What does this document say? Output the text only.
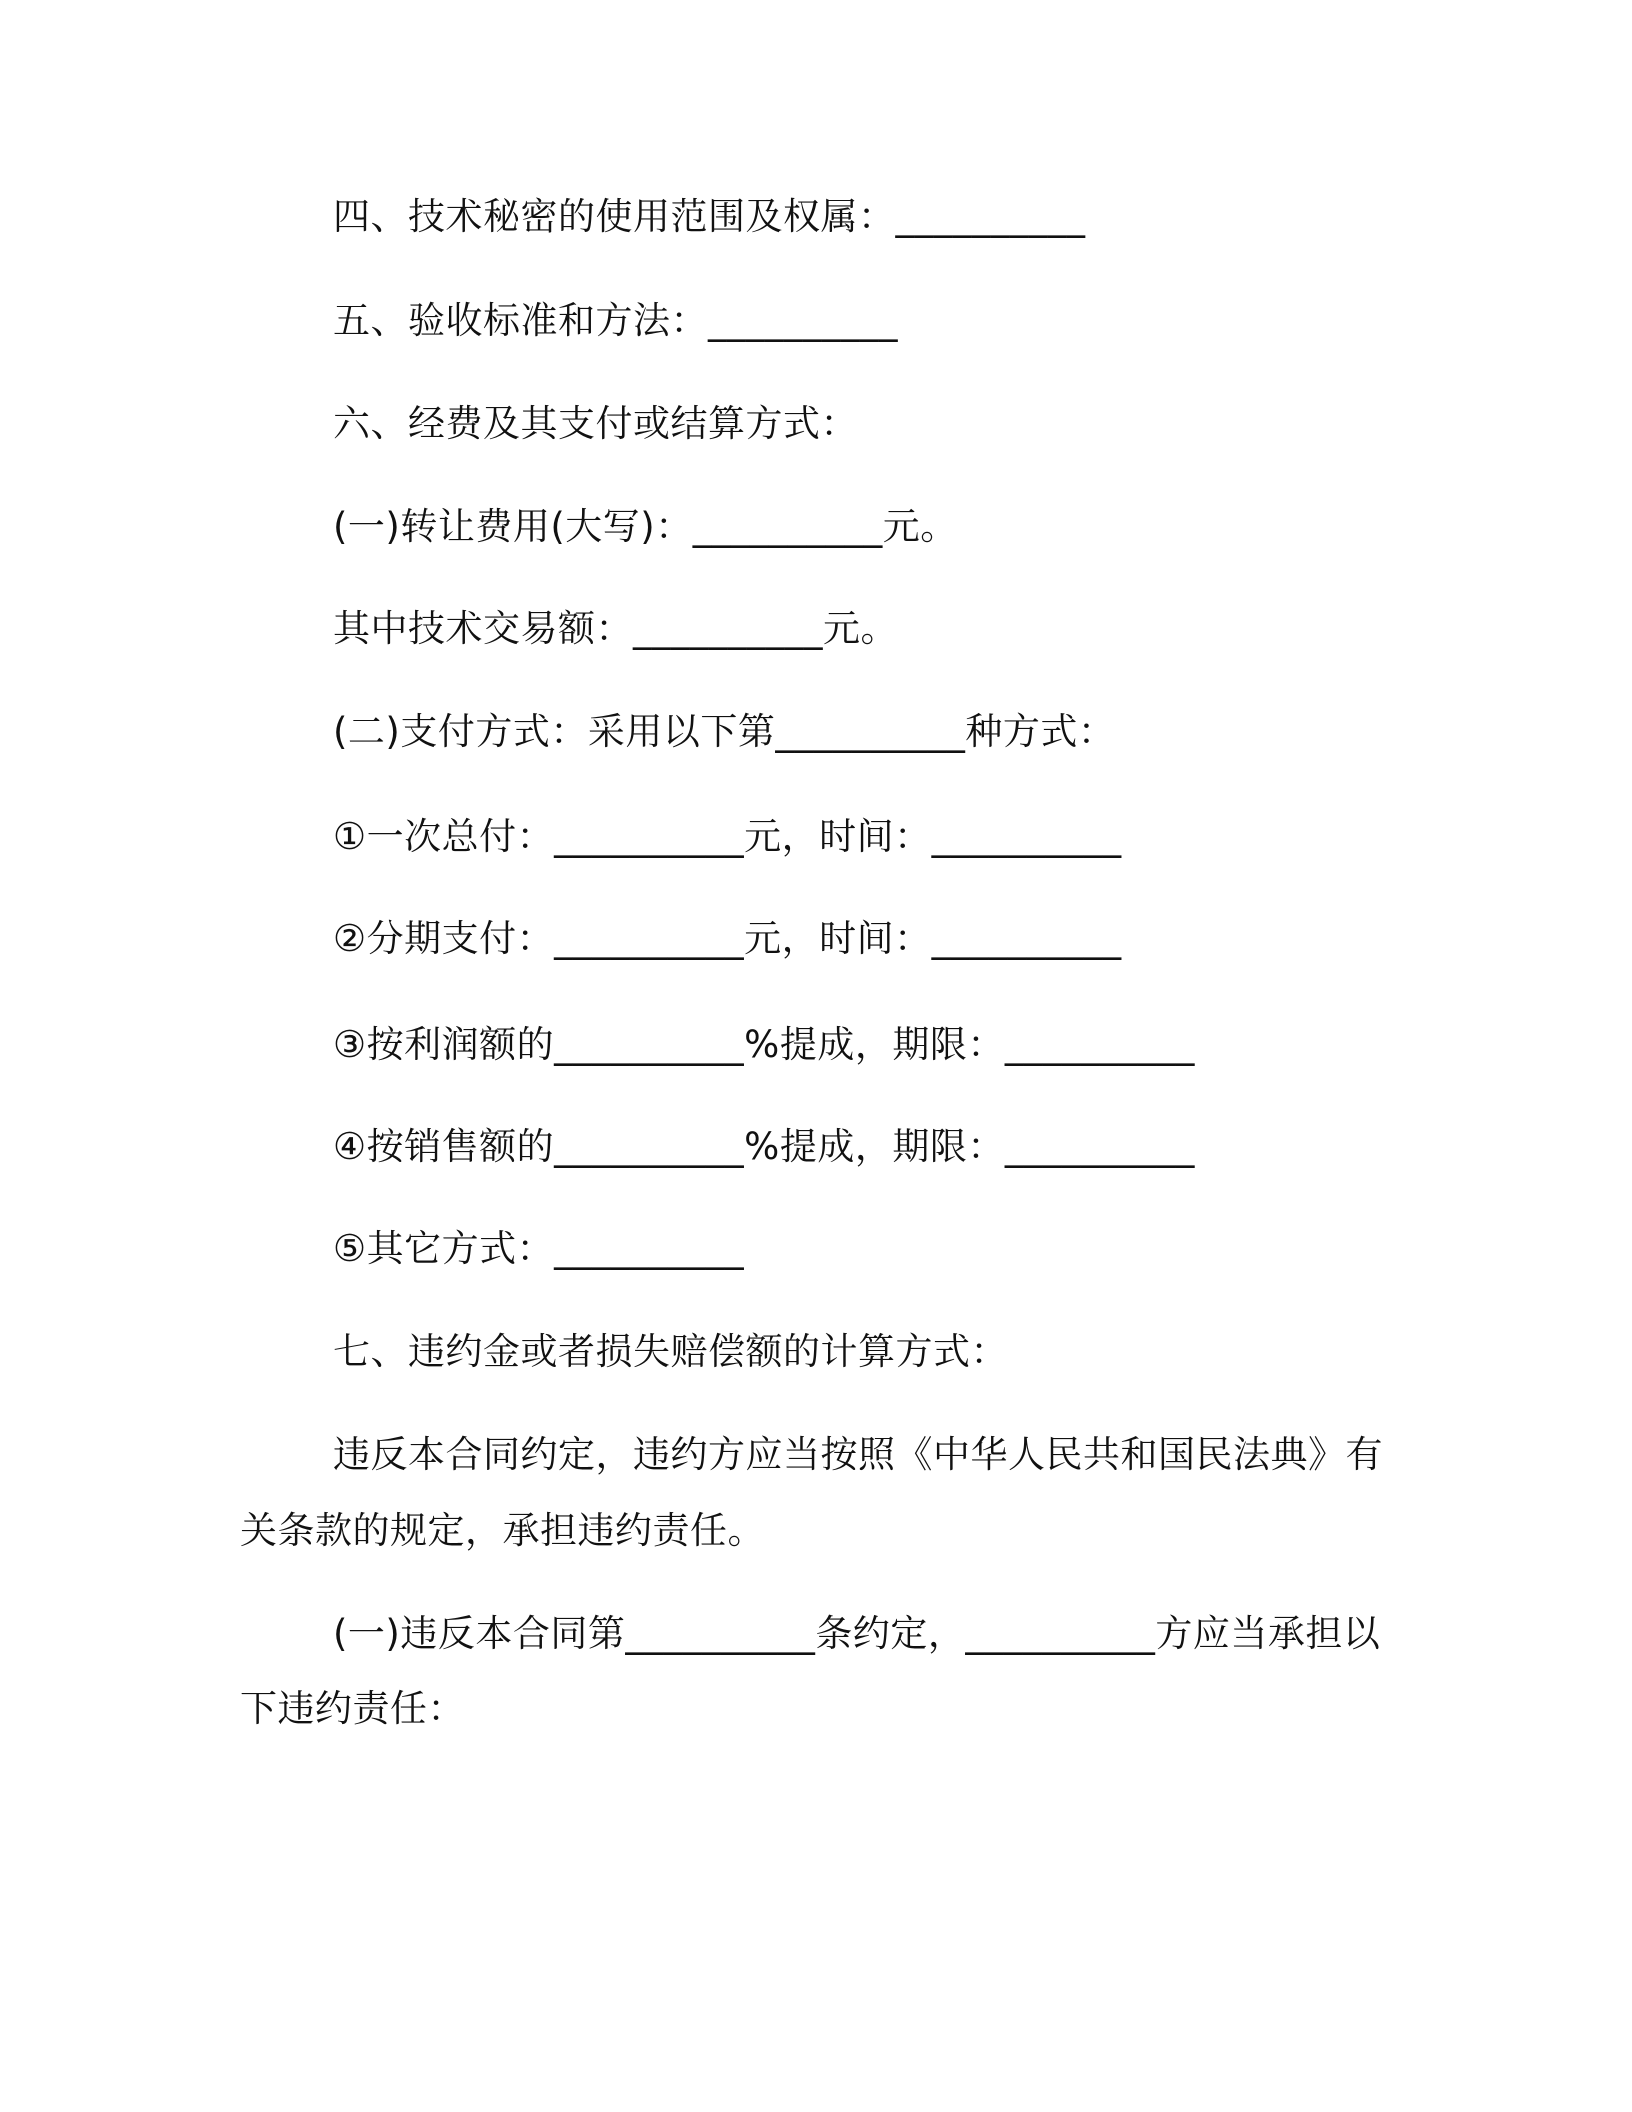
四、技术秘密的使用范围及权属：__________
五、验收标准和方法：__________
六、经费及其支付或结算方式：
(一)转让费用(大写)：__________元。
其中技术交易额：__________元。
(二)支付方式：采用以下第__________种方式：
①一次总付：__________元，时间：__________
②分期支付：__________元，时间：__________
③按利润额的__________%提成，期限：__________
④按销售额的__________%提成，期限：__________
⑤其它方式：__________
七、违约金或者损失赔偿额的计算方式：
违反本合同约定，违约方应当按照《中华人民共和国民法典》有
关条款的规定，承担违约责任。
(一)违反本合同第__________条约定，__________方应当承担以
下违约责任：
